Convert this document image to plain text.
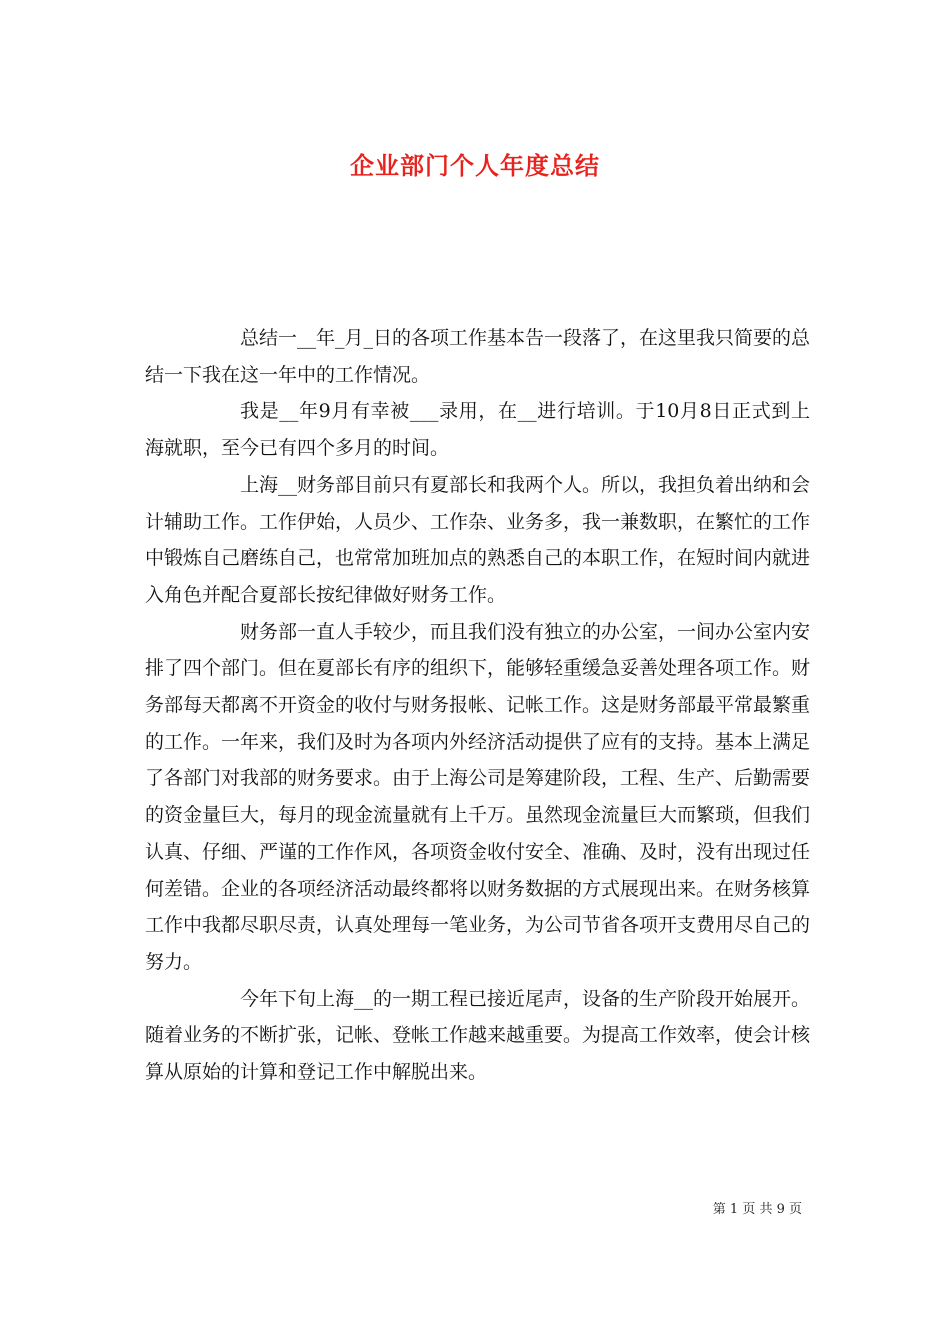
企业部门个人年度总结

总结一__年_月_日的各项工作基本告一段落了，在这里我只简要的总结一下我在这一年中的工作情况。

我是__年9月有幸被___录用，在__进行培训。于10月8日正式到上海就职，至今已有四个多月的时间。

上海__财务部目前只有夏部长和我两个人。所以，我担负着出纳和会计辅助工作。工作伊始，人员少、工作杂、业务多，我一兼数职，在繁忙的工作中锻炼自己磨练自己，也常常加班加点的熟悉自己的本职工作，在短时间内就进入角色并配合夏部长按纪律做好财务工作。

财务部一直人手较少，而且我们没有独立的办公室，一间办公室内安排了四个部门。但在夏部长有序的组织下，能够轻重缓急妥善处理各项工作。财务部每天都离不开资金的收付与财务报帐、记帐工作。这是财务部最平常最繁重的工作。一年来，我们及时为各项内外经济活动提供了应有的支持。基本上满足了各部门对我部的财务要求。由于上海公司是筹建阶段，工程、生产、后勤需要的资金量巨大，每月的现金流量就有上千万。虽然现金流量巨大而繁琐，但我们认真、仔细、严谨的工作作风，各项资金收付安全、准确、及时，没有出现过任何差错。企业的各项经济活动最终都将以财务数据的方式展现出来。在财务核算工作中我都尽职尽责，认真处理每一笔业务，为公司节省各项开支费用尽自己的努力。

今年下旬上海__的一期工程已接近尾声，设备的生产阶段开始展开。随着业务的不断扩张，记帐、登帐工作越来越重要。为提高工作效率，使会计核算从原始的计算和登记工作中解脱出来。

第 1 页 共 9 页
